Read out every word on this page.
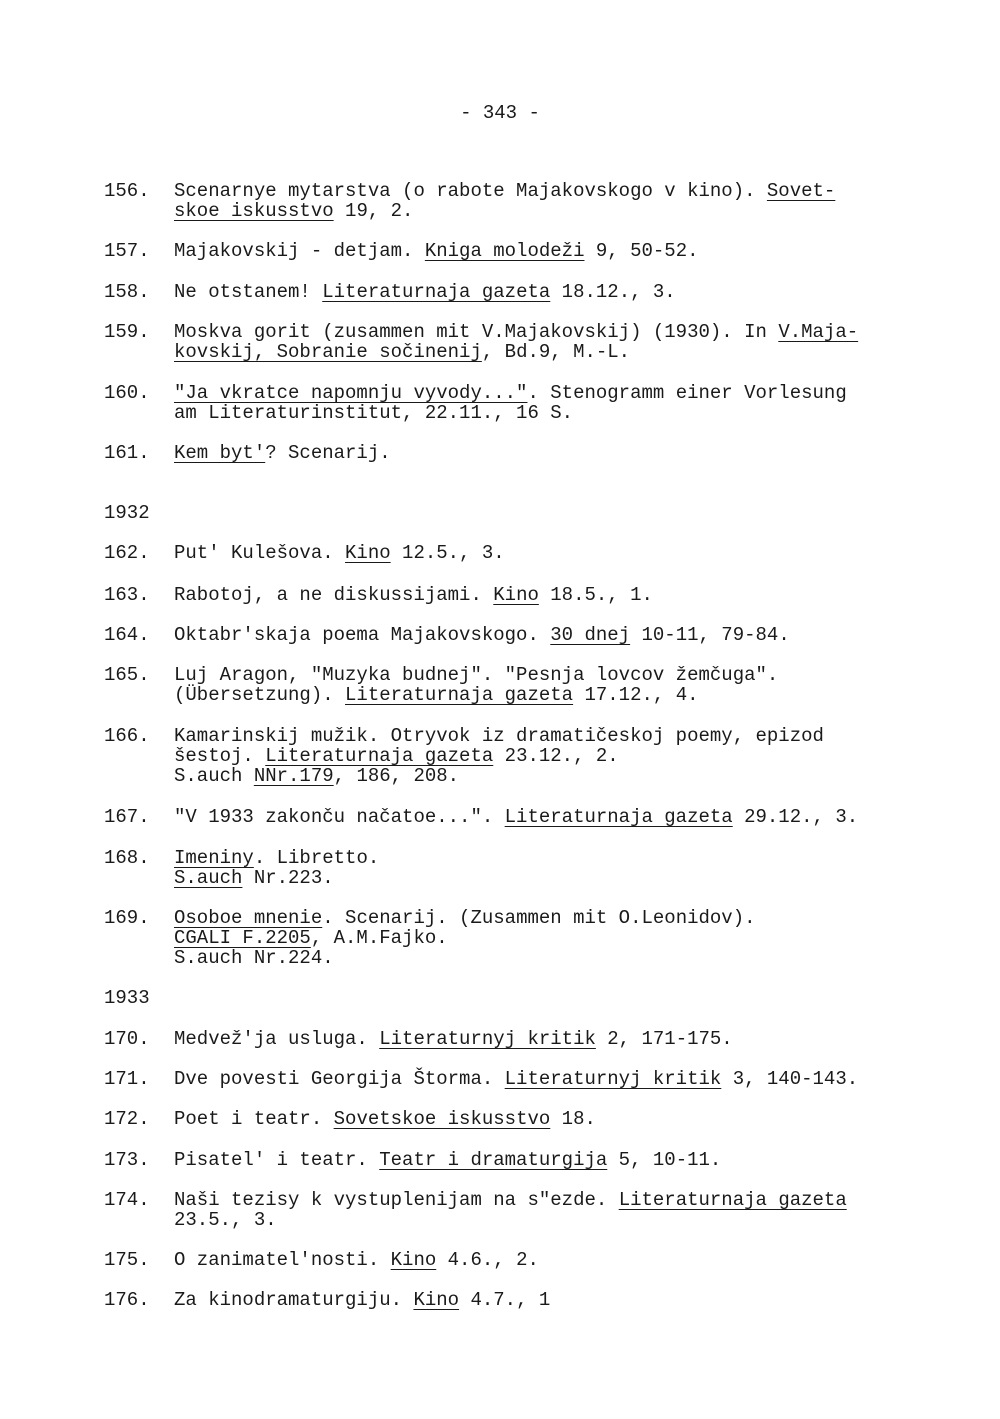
- 343 -
1932
1933
156. Scenarnye mytarstva (o rabote Majakovskogo v kino). Sovet-
skoe iskusstvo 19, 2.
157. Majakovskij - detjam. Kniga molodeži 9, 50-52.
158. Ne otstanem! Literaturnaja gazeta 18.12., 3.
159. Moskva gorit (zusammen mit V.Majakovskij) (1930). In V.Maja-
kovskij, Sobranie sočinenij, Bd.9, M.-L.
160. "Ja vkratce napomnju vyvody...". Stenogramm einer Vorlesung
am Literaturinstitut, 22.11., 16 S.
161. Kem byt'? Scenarij.
162. Put' Kulešova. Kino 12.5., 3.
163. Rabotoj, a ne diskussijami. Kino 18.5., 1.
164. Oktabr'skaja poema Majakovskogo. 30 dnej 10-11, 79-84.
165. Luj Aragon, "Muzyka budnej". "Pesnja lovcov žemčuga".
(Übersetzung). Literaturnaja gazeta 17.12., 4.
166. Kamarinskij mužik. Otryvok iz dramatičeskoj poemy, epizod
šestoj. Literaturnaja gazeta 23.12., 2.
S.auch NNr.179, 186, 208.
167. "V 1933 zakonču načatoe...". Literaturnaja gazeta 29.12., 3.
168. Imeniny. Libretto.
S.auch Nr.223.
169. Osoboe mnenie. Scenarij. (Zusammen mit O.Leonidov).
CGALI F.2205, A.M.Fajko.
S.auch Nr.224.
170. Medvež'ja usluga. Literaturnyj kritik 2, 171-175.
171. Dve povesti Georgija Štorma. Literaturnyj kritik 3, 140-143.
172. Poet i teatr. Sovetskoe iskusstvo 18.
173. Pisatel' i teatr. Teatr i dramaturgija 5, 10-11.
174. Naši tezisy k vystuplenijam na s"ezde. Literaturnaja gazeta
23.5., 3.
175. O zanimatel'nosti. Kino 4.6., 2.
176. Za kinodramaturgiju. Kino 4.7., 1
